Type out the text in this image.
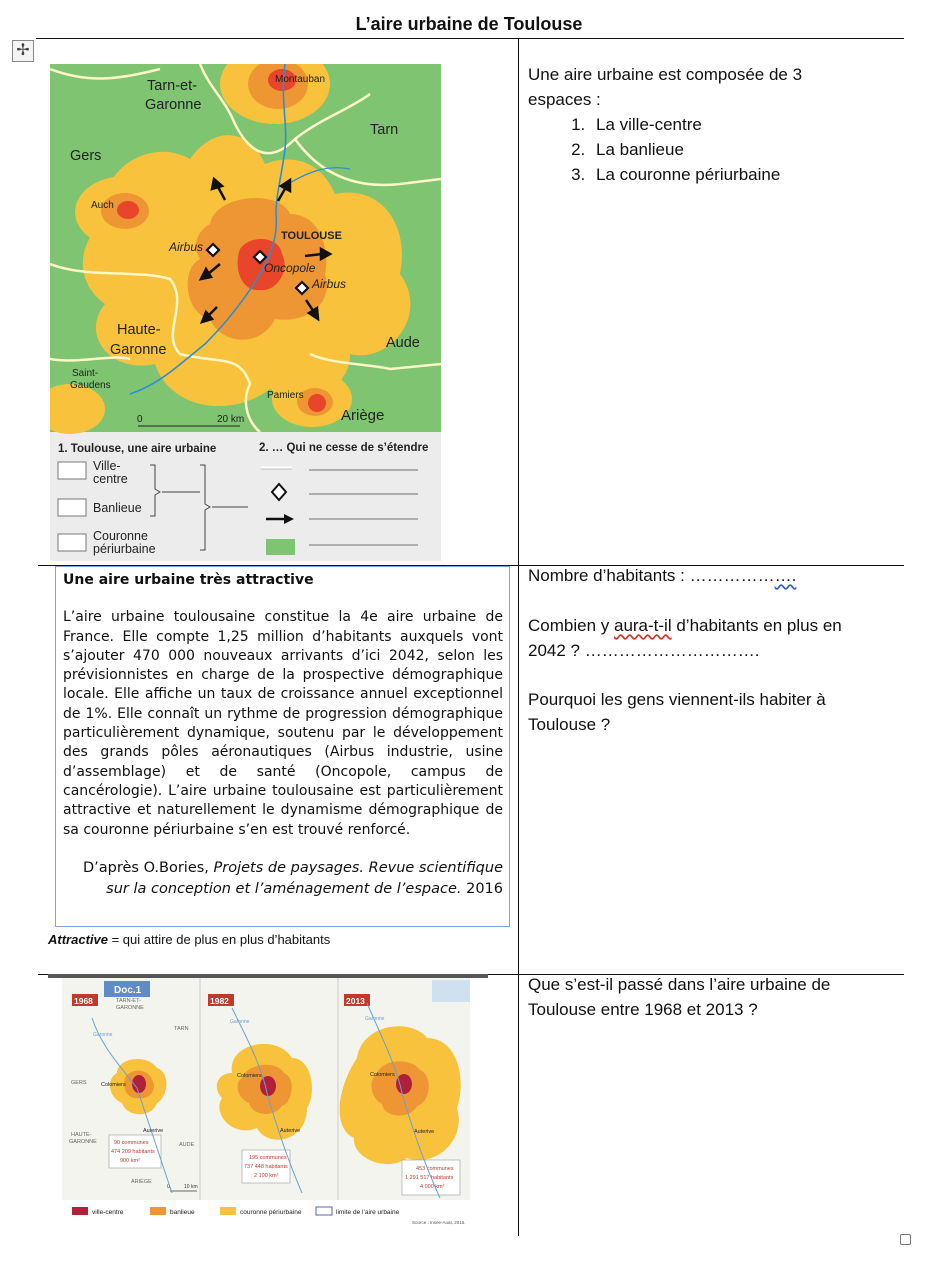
L’aire urbaine de Toulouse
✢
Tarn-et-
Garonne
Montauban
Tarn
Gers
Auch
TOULOUSE
Airbus
Oncopole
Airbus
Haute-
Garonne	Aude
Saint-
Gaudens
Pamiers
Ariège
0	20 km
1. Toulouse, une aire urbaine	2. … Qui ne cesse de s’étendre
Ville-
centre
Banlieue
Couronne
périurbaine
Une aire urbaine est composée de 3
espaces :
1. La ville-centre
2. La banlieue
3. La couronne périurbaine
Une aire urbaine très attractive
L’aire urbaine toulousaine constitue la 4e aire urbaine de France. Elle compte 1,25 million d’habitants auxquels vont s’ajouter 470 000 nouveaux arrivants d’ici 2042, selon les prévisionnistes en charge de la prospective démographique locale. Elle affiche un taux de croissance annuel exceptionnel de 1%. Elle connaît un rythme de progression démographique particulièrement dynamique, soutenu par le développement des grands pôles aéronautiques (Airbus industrie, usine d’assemblage) et de santé (Oncopole, campus de cancérologie). L’aire urbaine toulousaine est particulièrement attractive et naturellement le dynamisme démographique de sa couronne périurbaine s’en est trouvé renforcé.
D’après O.Bories, Projets de paysages. Revue scientifique sur la conception et l’aménagement de l’espace. 2016
Attractive = qui attire de plus en plus d’habitants
Nombre d’habitants : ……………….
Combien y aura-t-il d’habitants en plus en
2042 ? ………………………….
Pourquoi les gens viennent-ils habiter à
Toulouse ?
Que s’est-il passé dans l’aire urbaine de
Toulouse entre 1968 et 2013 ?
Doc.1
1968	TARN-ET-
GARONNE
TARN
GERS	Colomiers
HAUTE-
GARONNE	AUDE
Auterive
ARIÈGE
90 communes
474 209 habitants
900 km²
0	10 km
Garonne
1982
Colomiers
Auterive
195 communes
737 448 habitants
2 100 km²
Garonne
2013
Colomiers
Auterive
453 communes
1 291 517 habitants
4 000 km²
Garonne
ville-centre	banlieue	couronne périurbaine	limite de l’aire urbaine
Source : Insee-Auat, 2015.
